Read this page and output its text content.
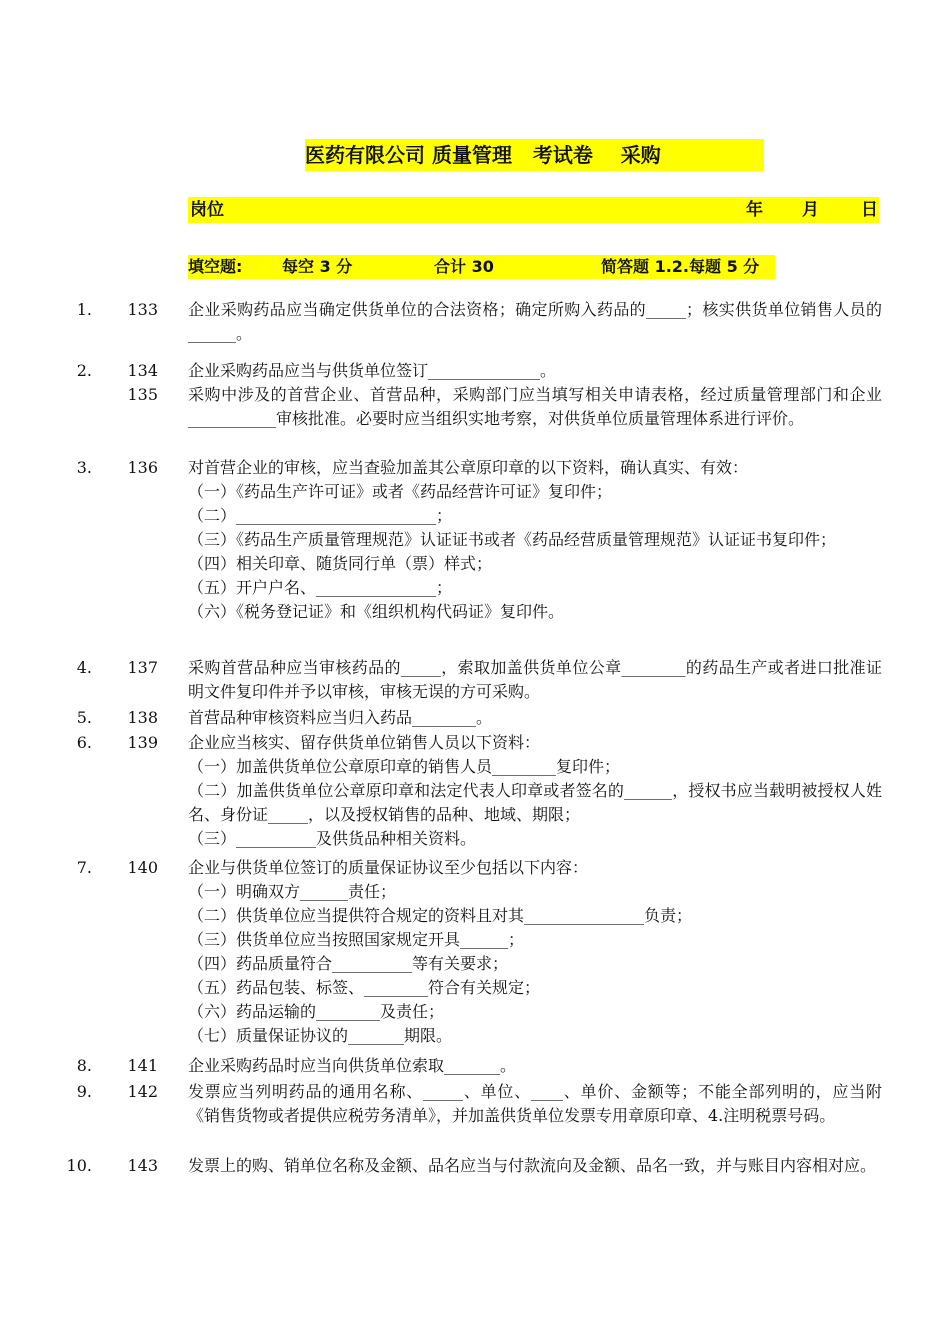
医药有限公司 质量管理   考试卷    采购
岗位	年 月 日
填空题: 每空 3 分	合计 30	简答题 1.2.每题 5 分
1.	133 企业采购药品应当确定供货单位的合法资格；确定所购入药品的_____；核实供货单位销售人员的______。
2.	134 企业采购药品应当与供货单位签订______________。
135 采购中涉及的首营企业、首营品种，采购部门应当填写相关申请表格，经过质量管理部门和企业___________审核批准。必要时应当组织实地考察，对供货单位质量管理体系进行评价。
3.	136 对首营企业的审核，应当查验加盖其公章原印章的以下资料，确认真实、有效：
（一）《药品生产许可证》或者《药品经营许可证》复印件；
（二）_________________________；
（三）《药品生产质量管理规范》认证证书或者《药品经营质量管理规范》认证证书复印件；
（四）相关印章、随货同行单（票）样式；
（五）开户户名、_______________；
（六）《税务登记证》和《组织机构代码证》复印件。
4.	137 采购首营品种应当审核药品的_____，索取加盖供货单位公章________的药品生产或者进口批准证明文件复印件并予以审核，审核无误的方可采购。
5.	138 首营品种审核资料应当归入药品________。
6.	139 企业应当核实、留存供货单位销售人员以下资料：
（一）加盖供货单位公章原印章的销售人员________复印件；
（二）加盖供货单位公章原印章和法定代表人印章或者签名的______，授权书应当载明被授权人姓名、身份证_____，以及授权销售的品种、地域、期限；
（三）__________及供货品种相关资料。
7.	140 企业与供货单位签订的质量保证协议至少包括以下内容：
（一）明确双方______责任；
（二）供货单位应当提供符合规定的资料且对其_______________负责；
（三）供货单位应当按照国家规定开具______；
（四）药品质量符合__________等有关要求；
（五）药品包装、标签、________符合有关规定；
（六）药品运输的________及责任；
（七）质量保证协议的_______期限。
8.	141 企业采购药品时应当向供货单位索取_______。
9.	142 发票应当列明药品的通用名称、_____、单位、____、单价、金额等；不能全部列明的，应当附《销售货物或者提供应税劳务清单》，并加盖供货单位发票专用章原印章、4.注明税票号码。
10.	143 发票上的购、销单位名称及金额、品名应当与付款流向及金额、品名一致，并与账目内容相对应。
